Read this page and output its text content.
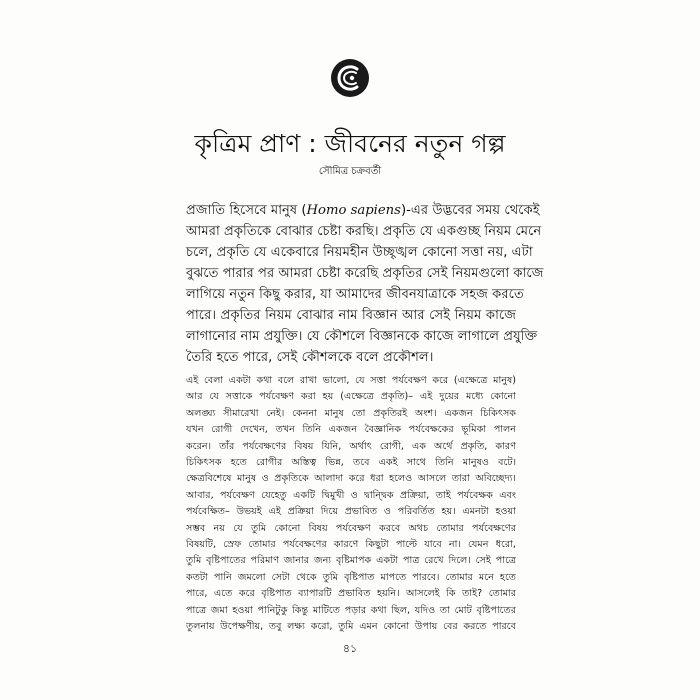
কৃত্রিম প্রাণ : জীবনের নতুন গল্প
সৌমিত্র চক্রবর্তী
প্রজাতি হিসেবে মানুষ (Homo sapiens)-এর উদ্ভবের সময় থেকেই
আমরা প্রকৃতিকে বোঝার চেষ্টা করছি। প্রকৃতি যে একগুচ্ছ নিয়ম মেনে
চলে, প্রকৃতি যে একেবারে নিয়মহীন উচ্ছৃঙ্খল কোনো সত্তা নয়, এটা
বুঝতে পারার পর আমরা চেষ্টা করেছি প্রকৃতির সেই নিয়মগুলো কাজে
লাগিয়ে নতুন কিছু করার, যা আমাদের জীবনযাত্রাকে সহজ করতে
পারে। প্রকৃতির নিয়ম বোঝার নাম বিজ্ঞান আর সেই নিয়ম কাজে
লাগানোর নাম প্রযুক্তি। যে কৌশলে বিজ্ঞানকে কাজে লাগালে প্রযুক্তি
তৈরি হতে পারে, সেই কৌশলকে বলে প্রকৌশল।
এই বেলা একটা কথা বলে রাখা ভালো, যে সত্তা পর্যবেক্ষণ করে (এক্ষেত্রে মানুষ)
আর যে সত্তাকে পর্যবেক্ষণ করা হয় (এক্ষেত্রে প্রকৃতি)– এই দুয়ের মধ্যে কোনো
অলঙ্ঘ্য সীমারেখা নেই। কেননা মানুষ তো প্রকৃতিরই অংশ। একজন চিকিৎসক
যখন রোগী দেখেন, তখন তিনি একজন বৈজ্ঞানিক পর্যবেক্ষকের ভূমিকা পালন
করেন। তাঁর পর্যবেক্ষণের বিষয় যিনি, অর্থাৎ রোগী, এক অর্থে প্রকৃতি, কারণ
চিকিৎসক হতে রোগীর অস্তিত্ব ভিন্ন, তবে একই সাথে তিনি মানুষও বটে।
ক্ষেত্রবিশেষে মানুষ ও প্রকৃতিকে আলাদা করে ধরা হলেও আসলে তারা অবিচ্ছেদ্য।
আবার, পর্যবেক্ষণ যেহেতু একটি দ্বিমুখী ও দ্বান্দ্বিক প্রক্রিয়া, তাই পর্যবেক্ষক এবং
পর্যবেক্ষিত– উভয়ই এই প্রক্রিয়া দিয়ে প্রভাবিত ও পরিবর্তিত হয়। এমনটা হওয়া
সম্ভব নয় যে তুমি কোনো বিষয় পর্যবেক্ষণ করবে অথচ তোমার পর্যবেক্ষণের
বিষয়টি, স্রেফ তোমার পর্যবেক্ষণের কারণে কিছুটা পাল্টে যাবে না। যেমন ধরো,
তুমি বৃষ্টিপাতের পরিমাণ জানার জন্য বৃষ্টিমাপক একটা পাত্র রেখে দিলে। সেই পাত্রে
কতটা পানি জমলো সেটা থেকে তুমি বৃষ্টিপাত মাপতে পারবে। তোমার মনে হতে
পারে, এতে করে বৃষ্টিপাত ব্যাপারটি প্রভাবিত হয়নি। আসলেই কি তাই? তোমার
পাত্রে জমা হওয়া পানিটুকু কিন্তু মাটিতে পড়ার কথা ছিল, যদিও তা মোট বৃষ্টিপাতের
তুলনায় উপেক্ষণীয়, তবু লক্ষ্য করো, তুমি এমন কোনো উপায় বের করতে পারবে
৪১
